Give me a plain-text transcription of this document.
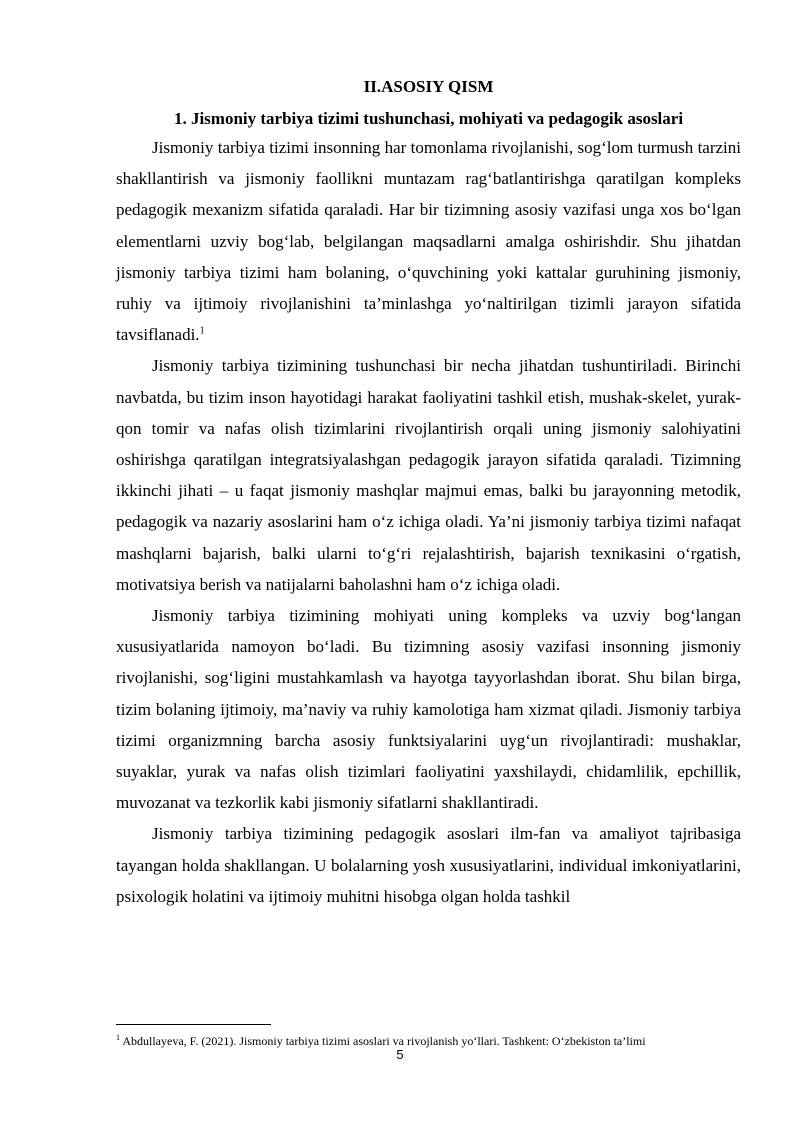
II.ASOSIY QISM
1. Jismoniy tarbiya tizimi tushunchasi, mohiyati va pedagogik asoslari

Jismoniy tarbiya tizimi insonning har tomonlama rivojlanishi, sog‘lom turmush tarzini shakllantirish va jismoniy faollikni muntazam rag‘batlantirishga qaratilgan kompleks pedagogik mexanizm sifatida qaraladi. Har bir tizimning asosiy vazifasi unga xos bo‘lgan elementlarni uzviy bog‘lab, belgilangan maqsadlarni amalga oshirishdir. Shu jihatdan jismoniy tarbiya tizimi ham bolaning, o‘quvchining yoki kattalar guruhining jismoniy, ruhiy va ijtimoiy rivojlanishini ta’minlashga yo‘naltirilgan tizimli jarayon sifatida tavsiflanadi.$^1$

Jismoniy tarbiya tizimining tushunchasi bir necha jihatdan tushuntiriladi. Birinchi navbatda, bu tizim inson hayotidagi harakat faoliyatini tashkil etish, mushak-skelet, yurak-qon tomir va nafas olish tizimlarini rivojlantirish orqali uning jismoniy salohiyatini oshirishga qaratilgan integratsiyalashgan pedagogik jarayon sifatida qaraladi. Tizimning ikkinchi jihati – u faqat jismoniy mashqlar majmui emas, balki bu jarayonning metodik, pedagogik va nazariy asoslarini ham o‘z ichiga oladi. Ya’ni jismoniy tarbiya tizimi nafaqat mashqlarni bajarish, balki ularni to‘g‘ri rejalashtirish, bajarish texnikasini o‘rgatish, motivatsiya berish va natijalarni baholashni ham o‘z ichiga oladi.

Jismoniy tarbiya tizimining mohiyati uning kompleks va uzviy bog‘langan xususiyatlarida namoyon bo‘ladi. Bu tizimning asosiy vazifasi insonning jismoniy rivojlanishi, sog‘ligini mustahkamlash va hayotga tayyorlashdan iborat. Shu bilan birga, tizim bolaning ijtimoiy, ma’naviy va ruhiy kamolotiga ham xizmat qiladi. Jismoniy tarbiya tizimi organizmning barcha asosiy funktsiyalarini uyg‘un rivojlantiradi: mushaklar, suyaklar, yurak va nafas olish tizimlari faoliyatini yaxshilaydi, chidamlilik, epchillik, muvozanat va tezkorlik kabi jismoniy sifatlarni shakllantiradi.

Jismoniy tarbiya tizimining pedagogik asoslari ilm-fan va amaliyot tajribasiga tayangan holda shakllangan. U bolalarning yosh xususiyatlarini, individual imkoniyatlarini, psixologik holatini va ijtimoiy muhitni hisobga olgan holda tashkil

$^1$ Abdullayeva, F. (2021). Jismoniy tarbiya tizimi asoslari va rivojlanish yo‘llari. Tashkent: O‘zbekiston ta’limi
5
